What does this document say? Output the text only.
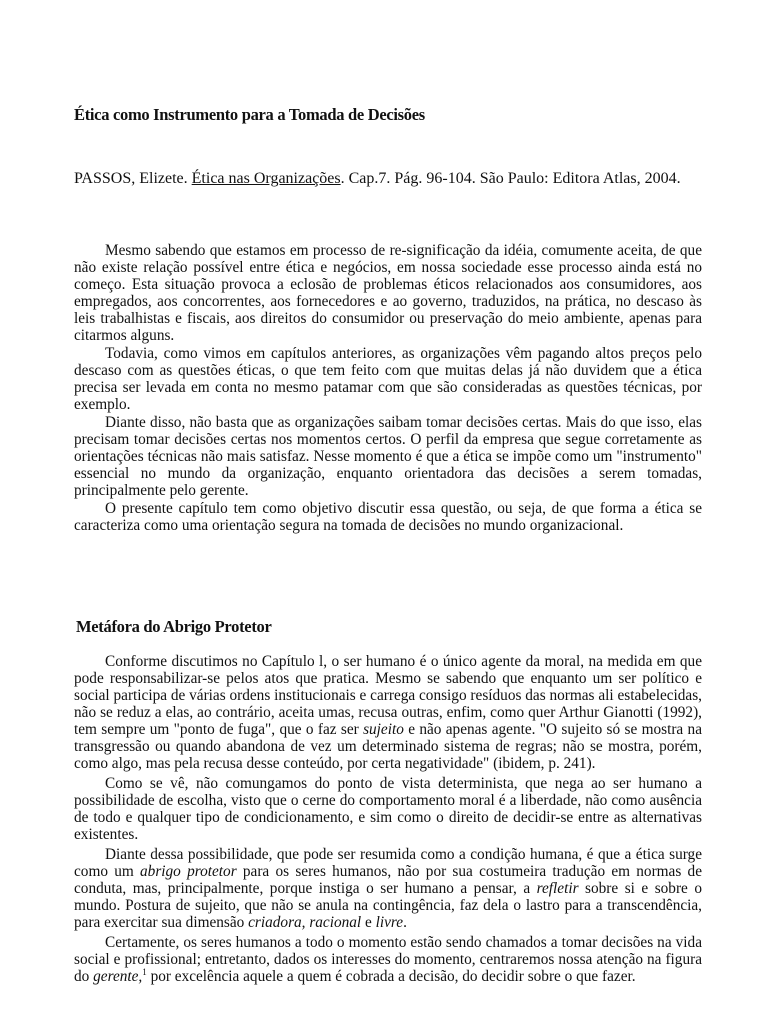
Ética como Instrumento para a Tomada de Decisões
PASSOS, Elizete. Ética nas Organizações. Cap.7. Pág. 96-104. São Paulo: Editora Atlas, 2004.

Mesmo sabendo que estamos em processo de re-significação da idéia, comumente aceita, de que não existe relação possível entre ética e negócios, em nossa sociedade esse processo ainda está no começo. Esta situação provoca a eclosão de problemas éticos relacionados aos consumidores, aos empregados, aos concorrentes, aos fornecedores e ao governo, traduzidos, na prática, no descaso às leis trabalhistas e fiscais, aos direitos do consumidor ou preservação do meio ambiente, apenas para citarmos alguns.

Todavia, como vimos em capítulos anteriores, as organizações vêm pagando altos preços pelo descaso com as questões éticas, o que tem feito com que muitas delas já não duvidem que a ética precisa ser levada em conta no mesmo patamar com que são consideradas as questões técnicas, por exemplo.

Diante disso, não basta que as organizações saibam tomar decisões certas. Mais do que isso, elas precisam tomar decisões certas nos momentos certos. O perfil da empresa que segue corretamente as orientações técnicas não mais satisfaz. Nesse momento é que a ética se impõe como um "instrumento" essencial no mundo da organização, enquanto orientadora das decisões a serem tomadas, principalmente pelo gerente.

O presente capítulo tem como objetivo discutir essa questão, ou seja, de que forma a ética se caracteriza como uma orientação segura na tomada de decisões no mundo organizacional.

Metáfora do Abrigo Protetor

Conforme discutimos no Capítulo l, o ser humano é o único agente da moral, na medida em que pode responsabilizar-se pelos atos que pratica. Mesmo se sabendo que enquanto um ser político e social participa de várias ordens institucionais e carrega consigo resíduos das normas ali estabelecidas, não se reduz a elas, ao contrário, aceita umas, recusa outras, enfim, como quer Arthur Gianotti (1992), tem sempre um "ponto de fuga", que o faz ser sujeito e não apenas agente. "O sujeito só se mostra na transgressão ou quando abandona de vez um determinado sistema de regras; não se mostra, porém, como algo, mas pela recusa desse conteúdo, por certa negatividade" (ibidem, p. 241).

Como se vê, não comungamos do ponto de vista determinista, que nega ao ser humano a possibilidade de escolha, visto que o cerne do comportamento moral é a liberdade, não como ausência de todo e qualquer tipo de condicionamento, e sim como o direito de decidir-se entre as alternativas existentes.

Diante dessa possibilidade, que pode ser resumida como a condição humana, é que a ética surge como um abrigo protetor para os seres humanos, não por sua costumeira tradução em normas de conduta, mas, principalmente, porque instiga o ser humano a pensar, a refletir sobre si e sobre o mundo. Postura de sujeito, que não se anula na contingência, faz dela o lastro para a transcendência, para exercitar sua dimensão criadora, racional e livre.

Certamente, os seres humanos a todo o momento estão sendo chamados a tomar decisões na vida social e profissional; entretanto, dados os interesses do momento, centraremos nossa atenção na figura do gerente,$^1$ por excelência aquele a quem é cobrada a decisão, do decidir sobre o que fazer.
